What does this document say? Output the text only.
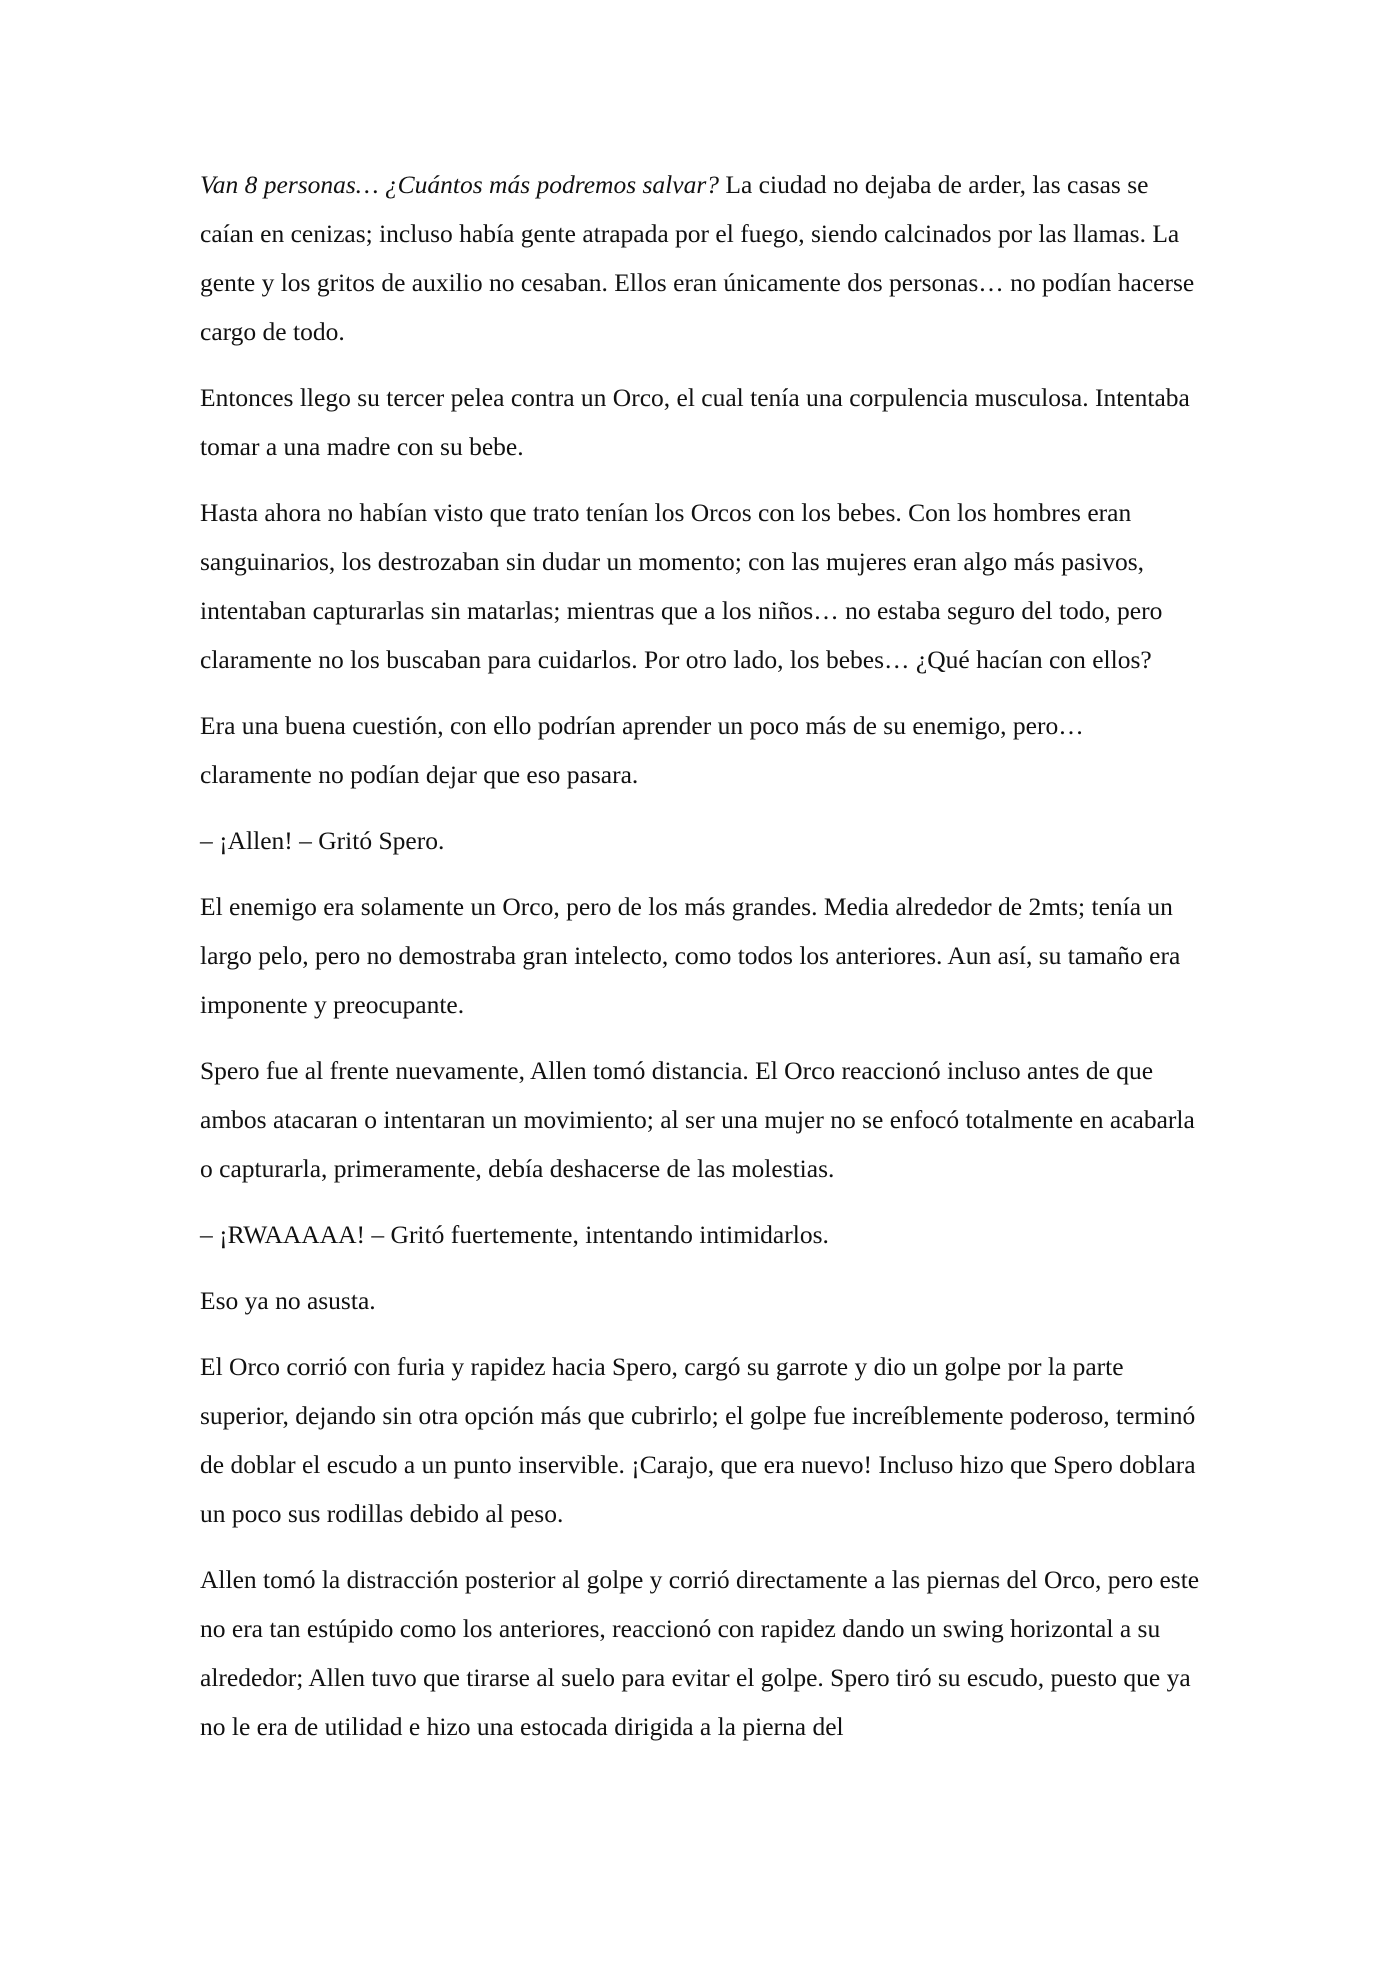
Van 8 personas… ¿Cuántos más podremos salvar? La ciudad no dejaba de arder, las casas se caían en cenizas; incluso había gente atrapada por el fuego, siendo calcinados por las llamas. La gente y los gritos de auxilio no cesaban. Ellos eran únicamente dos personas… no podían hacerse cargo de todo.

Entonces llego su tercer pelea contra un Orco, el cual tenía una corpulencia musculosa. Intentaba tomar a una madre con su bebe.

Hasta ahora no habían visto que trato tenían los Orcos con los bebes. Con los hombres eran sanguinarios, los destrozaban sin dudar un momento; con las mujeres eran algo más pasivos, intentaban capturarlas sin matarlas; mientras que a los niños… no estaba seguro del todo, pero claramente no los buscaban para cuidarlos. Por otro lado, los bebes… ¿Qué hacían con ellos?

Era una buena cuestión, con ello podrían aprender un poco más de su enemigo, pero… claramente no podían dejar que eso pasara.

– ¡Allen! – Gritó Spero.

El enemigo era solamente un Orco, pero de los más grandes. Media alrededor de 2mts; tenía un largo pelo, pero no demostraba gran intelecto, como todos los anteriores. Aun así, su tamaño era imponente y preocupante.

Spero fue al frente nuevamente, Allen tomó distancia. El Orco reaccionó incluso antes de que ambos atacaran o intentaran un movimiento; al ser una mujer no se enfocó totalmente en acabarla o capturarla, primeramente, debía deshacerse de las molestias.

– ¡RWAAAAA! – Gritó fuertemente, intentando intimidarlos.

Eso ya no asusta.

El Orco corrió con furia y rapidez hacia Spero, cargó su garrote y dio un golpe por la parte superior, dejando sin otra opción más que cubrirlo; el golpe fue increíblemente poderoso, terminó de doblar el escudo a un punto inservible. ¡Carajo, que era nuevo! Incluso hizo que Spero doblara un poco sus rodillas debido al peso.

Allen tomó la distracción posterior al golpe y corrió directamente a las piernas del Orco, pero este no era tan estúpido como los anteriores, reaccionó con rapidez dando un swing horizontal a su alrededor; Allen tuvo que tirarse al suelo para evitar el golpe. Spero tiró su escudo, puesto que ya no le era de utilidad e hizo una estocada dirigida a la pierna del
